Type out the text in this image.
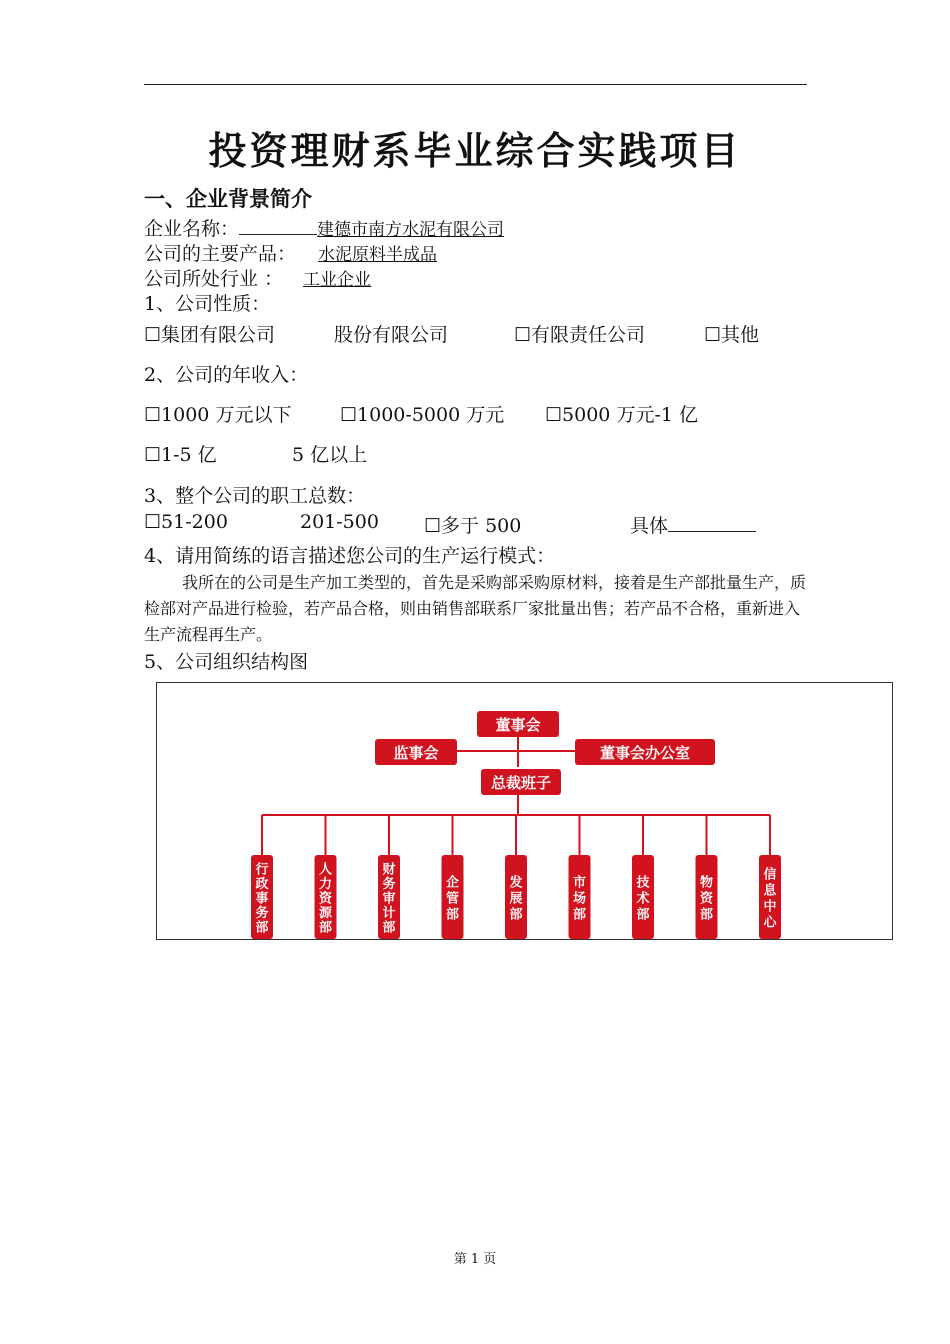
投资理财系毕业综合实践项目
一、企业背景简介
企业名称：	建德市南方水泥有限公司
公司的主要产品： 水泥原料半成品
公司所处行业 ： 工业企业
1、公司性质：
☐ 集团有限公司	股份有限公司	☐ 有限责任公司	☐ 其他
2、公司的年收入：
☐ 1000 万元以下	☐ 1000-5000 万元	☐ 5000 万元-1 亿
☐ 1-5 亿	5 亿以上
3、整个公司的职工总数：
☐ 51-200	201-500	☐ 多于 500	具体
4、请用简练的语言描述您公司的生产运行模式：
我所在的公司是生产加工类型的，首先是采购部采购原材料，接着是生产部批量生产，质检部对产品进行检验，若产品合格，则由销售部联系厂家批量出售；若产品不合格，重新进入生产流程再生产。
5、公司组织结构图
董事会
监事会	董事会办公室
总裁班子
行
政
事
务
部
人
力
资
源
部
财
务
审
计
部
企
管
部
发
展
部
市
场
部
技
术
部
物
资
部
信
息
中
心
第 1 页
